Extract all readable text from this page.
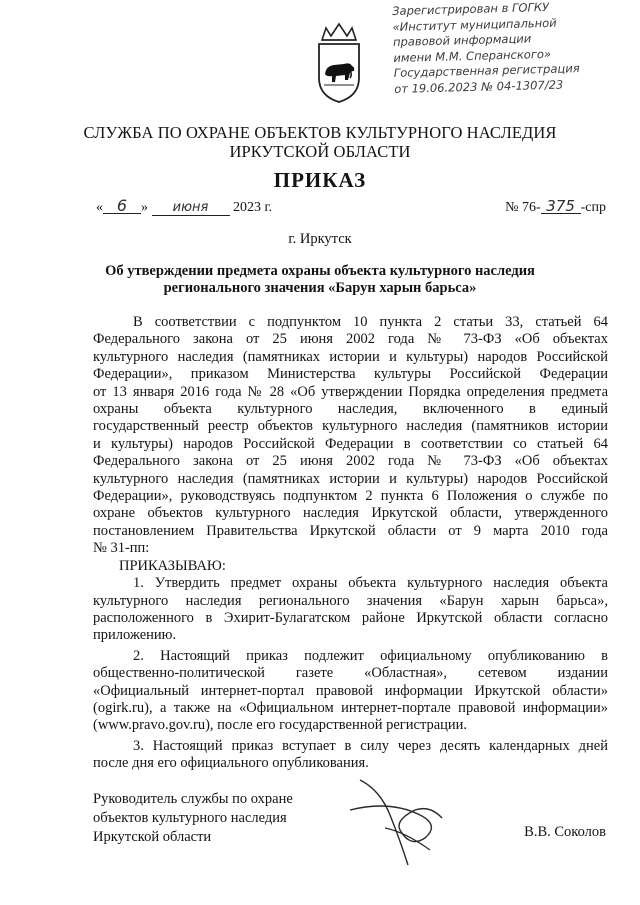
Зарегистрирован в ГОГКУ
«Институт муниципальной
правовой информации
имени М.М. Сперанского»
Государственная регистрация
от 19.06.2023 № 04-1307/23
СЛУЖБА ПО ОХРАНЕ ОБЪЕКТОВ КУЛЬТУРНОГО НАСЛЕДИЯ
ИРКУТСКОЙ ОБЛАСТИ
ПРИКАЗ
« 6 » июня 2023 г.	№ 76- 375 -спр
г. Иркутск
Об утверждении предмета охраны объекта культурного наследия
регионального значения «Барун харын барьса»

В соответствии с подпунктом 10 пункта 2 статьи 33, статьей 64
Федерального закона от 25 июня 2002 года № 73-ФЗ «Об объектах
культурного наследия (памятниках истории и культуры) народов Российской
Федерации», приказом Министерства культуры Российской Федерации
от 13 января 2016 года № 28 «Об утверждении Порядка определения предмета
охраны объекта культурного наследия, включенного в единый
государственный реестр объектов культурного наследия (памятников истории
и культуры) народов Российской Федерации в соответствии со статьей 64
Федерального закона от 25 июня 2002 года № 73-ФЗ «Об объектах
культурного наследия (памятниках истории и культуры) народов Российской
Федерации», руководствуясь подпунктом 2 пункта 6 Положения о службе по
охране объектов культурного наследия Иркутской области, утвержденного
постановлением Правительства Иркутской области от 9 марта 2010 года
№ 31-пп:

ПРИКАЗЫВАЮ:

1. Утвердить предмет охраны объекта культурного наследия объекта
культурного наследия регионального значения «Барун харын барьса»,
расположенного в Эхирит-Булагатском районе Иркутской области согласно
приложению.

2. Настоящий приказ подлежит официальному опубликованию в
общественно-политической газете «Областная», сетевом издании
«Официальный интернет-портал правовой информации Иркутской области»
(ogirk.ru), а также на «Официальном интернет-портале правовой информации»
(www.pravo.gov.ru), после его государственной регистрации.

3. Настоящий приказ вступает в силу через десять календарных дней
после дня его официального опубликования.

Руководитель службы по охране
объектов культурного наследия
Иркутской области	В.В. Соколов
